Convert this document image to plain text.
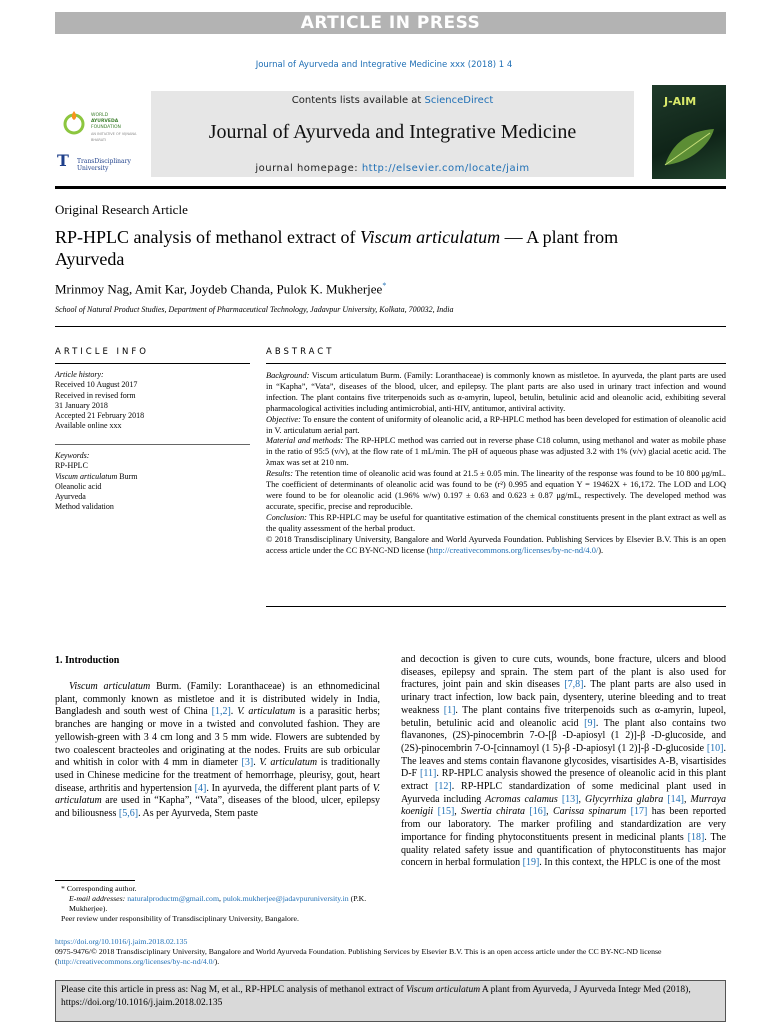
ARTICLE IN PRESS
Journal of Ayurveda and Integrative Medicine xxx (2018) 1 4
WORLD
AYURVEDA
FOUNDATION
AN INITIATIVE OF VIJNANA BHARATI
T	TransDisciplinary
University
Contents lists available at ScienceDirect
Journal of Ayurveda and Integrative Medicine
journal homepage: http://elsevier.com/locate/jaim
J-AIM
Original Research Article
RP-HPLC analysis of methanol extract of Viscum articulatum — A plant from Ayurveda
Mrinmoy Nag, Amit Kar, Joydeb Chanda, Pulok K. Mukherjee*
School of Natural Product Studies, Department of Pharmaceutical Technology, Jadavpur University, Kolkata, 700032, India
ARTICLE INFO	ABSTRACT
Article history:
Received 10 August 2017
Received in revised form
31 January 2018
Accepted 21 February 2018
Available online xxx
Keywords:
RP-HPLC
Viscum articulatum Burm
Oleanolic acid
Ayurveda
Method validation

Background: Viscum articulatum Burm. (Family: Loranthaceae) is commonly known as mistletoe. In ayurveda, the plant parts are used in “Kapha”, “Vata”, diseases of the blood, ulcer, and epilepsy. The plant parts are also used in urinary tract infection and wound infection. The plant contains five triterpenoids such as α-amyrin, lupeol, betulin, betulinic acid and oleanolic acid, exhibiting several pharmacological activities including antimicrobial, anti-HIV, antitumor, antiviral activity.

Objective: To ensure the content of uniformity of oleanolic acid, a RP-HPLC method has been developed for estimation of oleanolic acid in V. articulatum aerial part.

Material and methods: The RP-HPLC method was carried out in reverse phase C18 column, using methanol and water as mobile phase in the ratio of 95:5 (v/v), at the flow rate of 1 mL/min. The pH of aqueous phase was adjusted 3.2 with 1% (v/v) glacial acetic acid. The λmax was set at 210 nm.

Results: The retention time of oleanolic acid was found at 21.5 ± 0.05 min. The linearity of the response was found to be 10 800 μg/mL. The coefficient of determinants of oleanolic acid was found to be (r²) 0.995 and equation Y = 19462X + 16,172. The LOD and LOQ were found to be for oleanolic acid (1.96% w/w) 0.197 ± 0.63 and 0.623 ± 0.87 μg/mL, respectively. The developed method was accurate, specific, precise and reproducible.

Conclusion: This RP-HPLC may be useful for quantitative estimation of the chemical constituents present in the plant extract as well as the quality assessment of the herbal product.

© 2018 Transdisciplinary University, Bangalore and World Ayurveda Foundation. Publishing Services by Elsevier B.V. This is an open access article under the CC BY-NC-ND license (http://creativecommons.org/licenses/by-nc-nd/4.0/).

1. Introduction

Viscum articulatum Burm. (Family: Loranthaceae) is an ethnomedicinal plant, commonly known as mistletoe and it is distributed widely in India, Bangladesh and south west of China [1,2]. V. articulatum is a parasitic herbs; branches are hanging or move in a twisted and convoluted fashion. They are yellowish-green with 3 4 cm long and 3 5 mm wide. Flowers are subtended by two coalescent bracteoles and originating at the nodes. Fruits are sub orbicular and whitish in color with 4 mm in diameter [3]. V. articulatum is traditionally used in Chinese medicine for the treatment of hemorrhage, pleurisy, gout, heart disease, arthritis and hypertension [4]. In ayurveda, the different plant parts of V. articulatum are used in “Kapha”, “Vata”, diseases of the blood, ulcer, epilepsy and biliousness [5,6]. As per Ayurveda, Stem paste

and decoction is given to cure cuts, wounds, bone fracture, ulcers and blood diseases, epilepsy and sprain. The stem part of the plant is also used for fractures, joint pain and skin diseases [7,8]. The plant parts are also used in urinary tract infection, low back pain, dysentery, uterine bleeding and to treat weakness [1]. The plant contains five triterpenoids such as α-amyrin, lupeol, betulin, betulinic acid and oleanolic acid [9]. The plant also contains two flavanones, (2S)-pinocembrin 7-O-[β -D-apiosyl (1 2)]-β -D-glucoside, and (2S)-pinocembrin 7-O-[cinnamoyl (1 5)-β -D-apiosyl (1 2)]-β -D-glucoside [10]. The leaves and stems contain flavanone glycosides, visartisides A-B, visartisides D-F [11]. RP-HPLC analysis showed the presence of oleanolic acid in this plant extract [12]. RP-HPLC standardization of some medicinal plant used in Ayurveda including Acromas calamus [13], Glycyrrhiza glabra [14], Murraya koenigii [15], Swertia chirata [16], Carissa spinarum [17] has been reported from our laboratory. The marker profiling and standardization are very importance for finding phytoconstituents present in medicinal plants [18]. The quality related safety issue and quantification of phytoconstituents has major concern in herbal formulation [19]. In this context, the HPLC is one of the most
* Corresponding author.
E-mail addresses: naturalproductm@gmail.com, pulok.mukherjee@jadavpuruniversity.in (P.K. Mukherjee).
Peer review under responsibility of Transdisciplinary University, Bangalore.
https://doi.org/10.1016/j.jaim.2018.02.135
0975-9476/© 2018 Transdisciplinary University, Bangalore and World Ayurveda Foundation. Publishing Services by Elsevier B.V. This is an open access article under the CC BY-NC-ND license (http://creativecommons.org/licenses/by-nc-nd/4.0/).
Please cite this article in press as: Nag M, et al., RP-HPLC analysis of methanol extract of Viscum articulatum A plant from Ayurveda, J Ayurveda Integr Med (2018), https://doi.org/10.1016/j.jaim.2018.02.135
